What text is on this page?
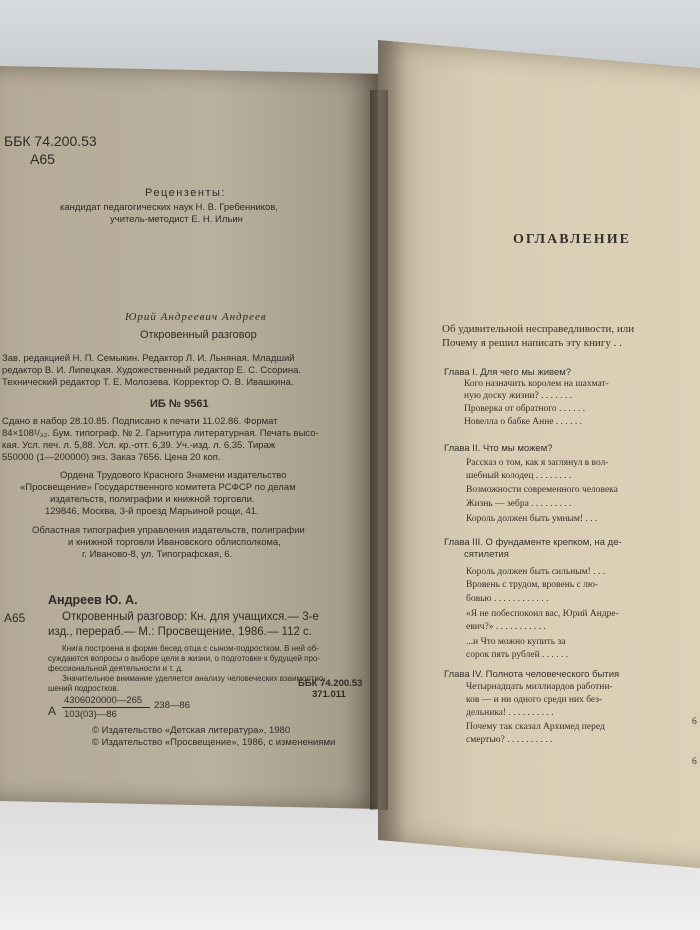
ББК 74.200.53
А65
Рецензенты:
кандидат педагогических наук Н. В. Гребенников,
учитель-методист Е. Н. Ильин
Юрий Андреевич Андреев
Откровенный разговор
Зав. редакцией Н. П. Семыкин. Редактор Л. И. Льняная. Младший
редактор В. И. Липецкая. Художественный редактор Е. С. Ссорина.
Технический редактор Т. Е. Молозева. Корректор О. В. Ивашкина.
ИБ № 9561
Сдано в набор 28.10.85. Подписано к печати 11.02.86. Формат
84×108¹/₃₂. Бум. типограф. № 2. Гарнитура литературная. Печать высо-
кая. Усл. печ. л. 5,88. Усл. кр.-отт. 6,39. Уч.-изд. л. 6,35. Тираж
550000 (1—200000) экз. Заказ 7656. Цена 20 коп.
Ордена Трудового Красного Знамени издательство
«Просвещение» Государственного комитета РСФСР по делам
издательств, полиграфии и книжной торговли.
129846, Москва, 3-й проезд Марьиной рощи, 41.
Областная типография управления издательств, полиграфии
и книжной торговли Ивановского облисполкома,
г. Иваново-8, ул. Типографская, 6.
А65
Андреев Ю. А.
Откровенный разговор: Кн. для учащихся.— 3-е
изд., перераб.— М.: Просвещение, 1986.— 112 с.
Книга построена в форме бесед отца с сыном-подростком. В ней об-
суждаются вопросы о выборе цели в жизни, о подготовке к будущей про-
фессиональной деятельности и т. д.
Значительное внимание уделяется анализу человеческих взаимоотно-
шений подростков.
А
4306020000—265
103(03)—86
238—86
ББК 74.200.53
371.011
© Издательство «Детская литература», 1980
© Издательство «Просвещение», 1986, с изменениями
ОГЛАВЛЕНИЕ
Об удивительной несправедливости, или
Почему я решил написать эту книгу . .
Глава I. Для чего мы живем?
Кого назначить королем на шахмат-
ную доску жизни? . . . . . . .
Проверка от обратного . . . . . .
Новелла о бабке Анне . . . . . .
Глава II. Что мы можем?
Рассказ о том, как я заглянул в вол-
шебный колодец . . . . . . . .
Возможности современного человека
Жизнь — зебра . . . . . . . . .
Король должен быть умным! . . .
Глава III. О фундаменте крепком, на де-
сятилетия
Король должен быть сильным! . . .
Вровень с трудом, вровень с лю-
бовью . . . . . . . . . . . .
«Я не побеспокоил вас, Юрий Андре-
евич?» . . . . . . . . . . .
...и Что можно купить за
сорок пять рублей . . . . . .
Глава IV. Полнота человеческого бытия
Четырнадцать миллиардов работни-
ков — и ни одного среди них без-
дельника! . . . . . . . . . .
Почему так сказал Архимед перед
смертью? . . . . . . . . . .
6
6
